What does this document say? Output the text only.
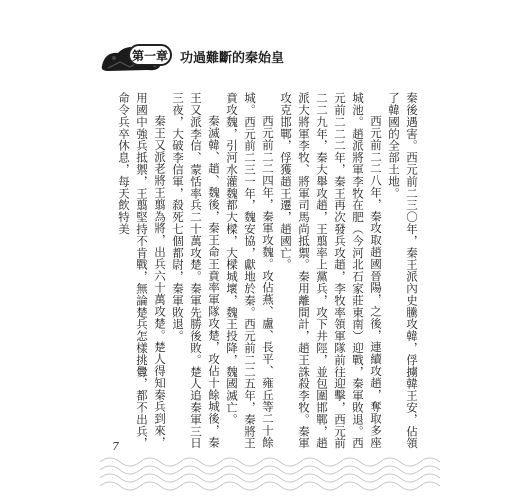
第一章 功過難斷的秦始皇

秦後遇害。西元前二三〇年，秦王派內史騰攻韓，俘擄韓王安，佔領了韓國的全部土地。

西元前二二八年，秦攻取趙國晉陽，之後，連續攻趙，奪取多座城池。趙派將軍李牧在肥（今河北石家莊東南）迎戰，秦軍敗退。西元前二二二年，秦王再次發兵攻趙，李牧率領軍隊前往迎擊，西元前二二九年，秦大舉攻趙，王翦率上黨兵，攻下井陘，並包圍邯鄲，趙派大將軍李牧、將軍司馬尚抵禦。秦用離間計，趙王誅殺李牧。秦軍攻克邯鄲，俘獲趙王遷，趙國亡。

西元前二二四年，秦軍攻魏。攻佔燕、盧、長平、雍丘等二十餘城。西元前二三一年，魏安協，獻地於秦。西元前二二五年，秦將王賁攻魏，引河水灌魏都大樑，大樑城壞，魏王投降，魏國滅亡。

秦滅韓、趙、魏後，秦王命王賁率軍隊攻楚，攻佔十餘城後，秦王又派李信、蒙恬率兵二十萬攻楚。秦軍先勝後敗。楚人追秦軍三日三夜，大破李信軍，殺死七個都尉，秦軍敗退。

秦王又派老將王翦為將，出兵六十萬攻楚。楚人得知秦兵到來，用國中強兵抵禦，王翦堅持不肯戰，無論楚兵怎樣挑釁，都不出兵，命令兵卒休息，每天飲特美

7
